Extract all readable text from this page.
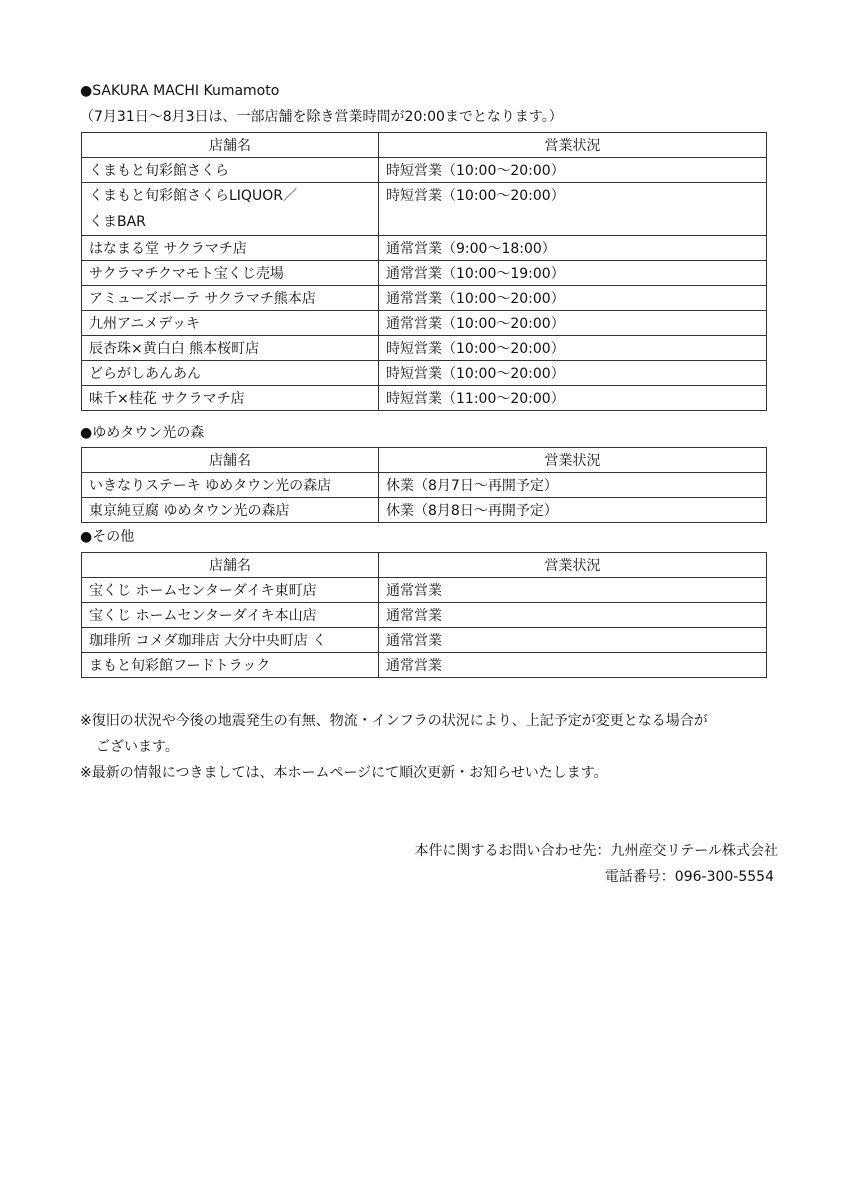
●SAKURA MACHI Kumamoto
（7月31日～8月3日は、一部店舗を除き営業時間が20:00までとなります。）
店舗名	営業状況
くまもと旬彩館さくら	時短営業（10:00～20:00）

くまもと旬彩館さくらLIQUOR／
くまBAR	時短営業（10:00～20:00）
はなまる堂 サクラマチ店	通常営業（9:00～18:00）
サクラマチクマモト宝くじ売場	通常営業（10:00～19:00）
アミューズボーテ サクラマチ熊本店	通常営業（10:00～20:00）
九州アニメデッキ	通常営業（10:00～20:00）
辰杏珠×黄白白 熊本桜町店	時短営業（10:00～20:00）
どらがしあんあん	時短営業（10:00～20:00）
味千×桂花 サクラマチ店	時短営業（11:00～20:00）
●ゆめタウン光の森
店舗名	営業状況
いきなりステーキ ゆめタウン光の森店	休業（8月7日～再開予定）
東京純豆腐 ゆめタウン光の森店	休業（8月8日～再開予定）
●その他
店舗名	営業状況
宝くじ ホームセンターダイキ東町店	通常営業
宝くじ ホームセンターダイキ本山店	通常営業
珈琲所 コメダ珈琲店 大分中央町店 く	通常営業
まもと旬彩館フードトラック	通常営業
※復旧の状況や今後の地震発生の有無、物流・インフラの状況により、上記予定が変更となる場合が
ございます。
※最新の情報につきましては、本ホームページにて順次更新・お知らせいたします。
本件に関するお問い合わせ先：九州産交リテール株式会社
電話番号：096-300-5554
